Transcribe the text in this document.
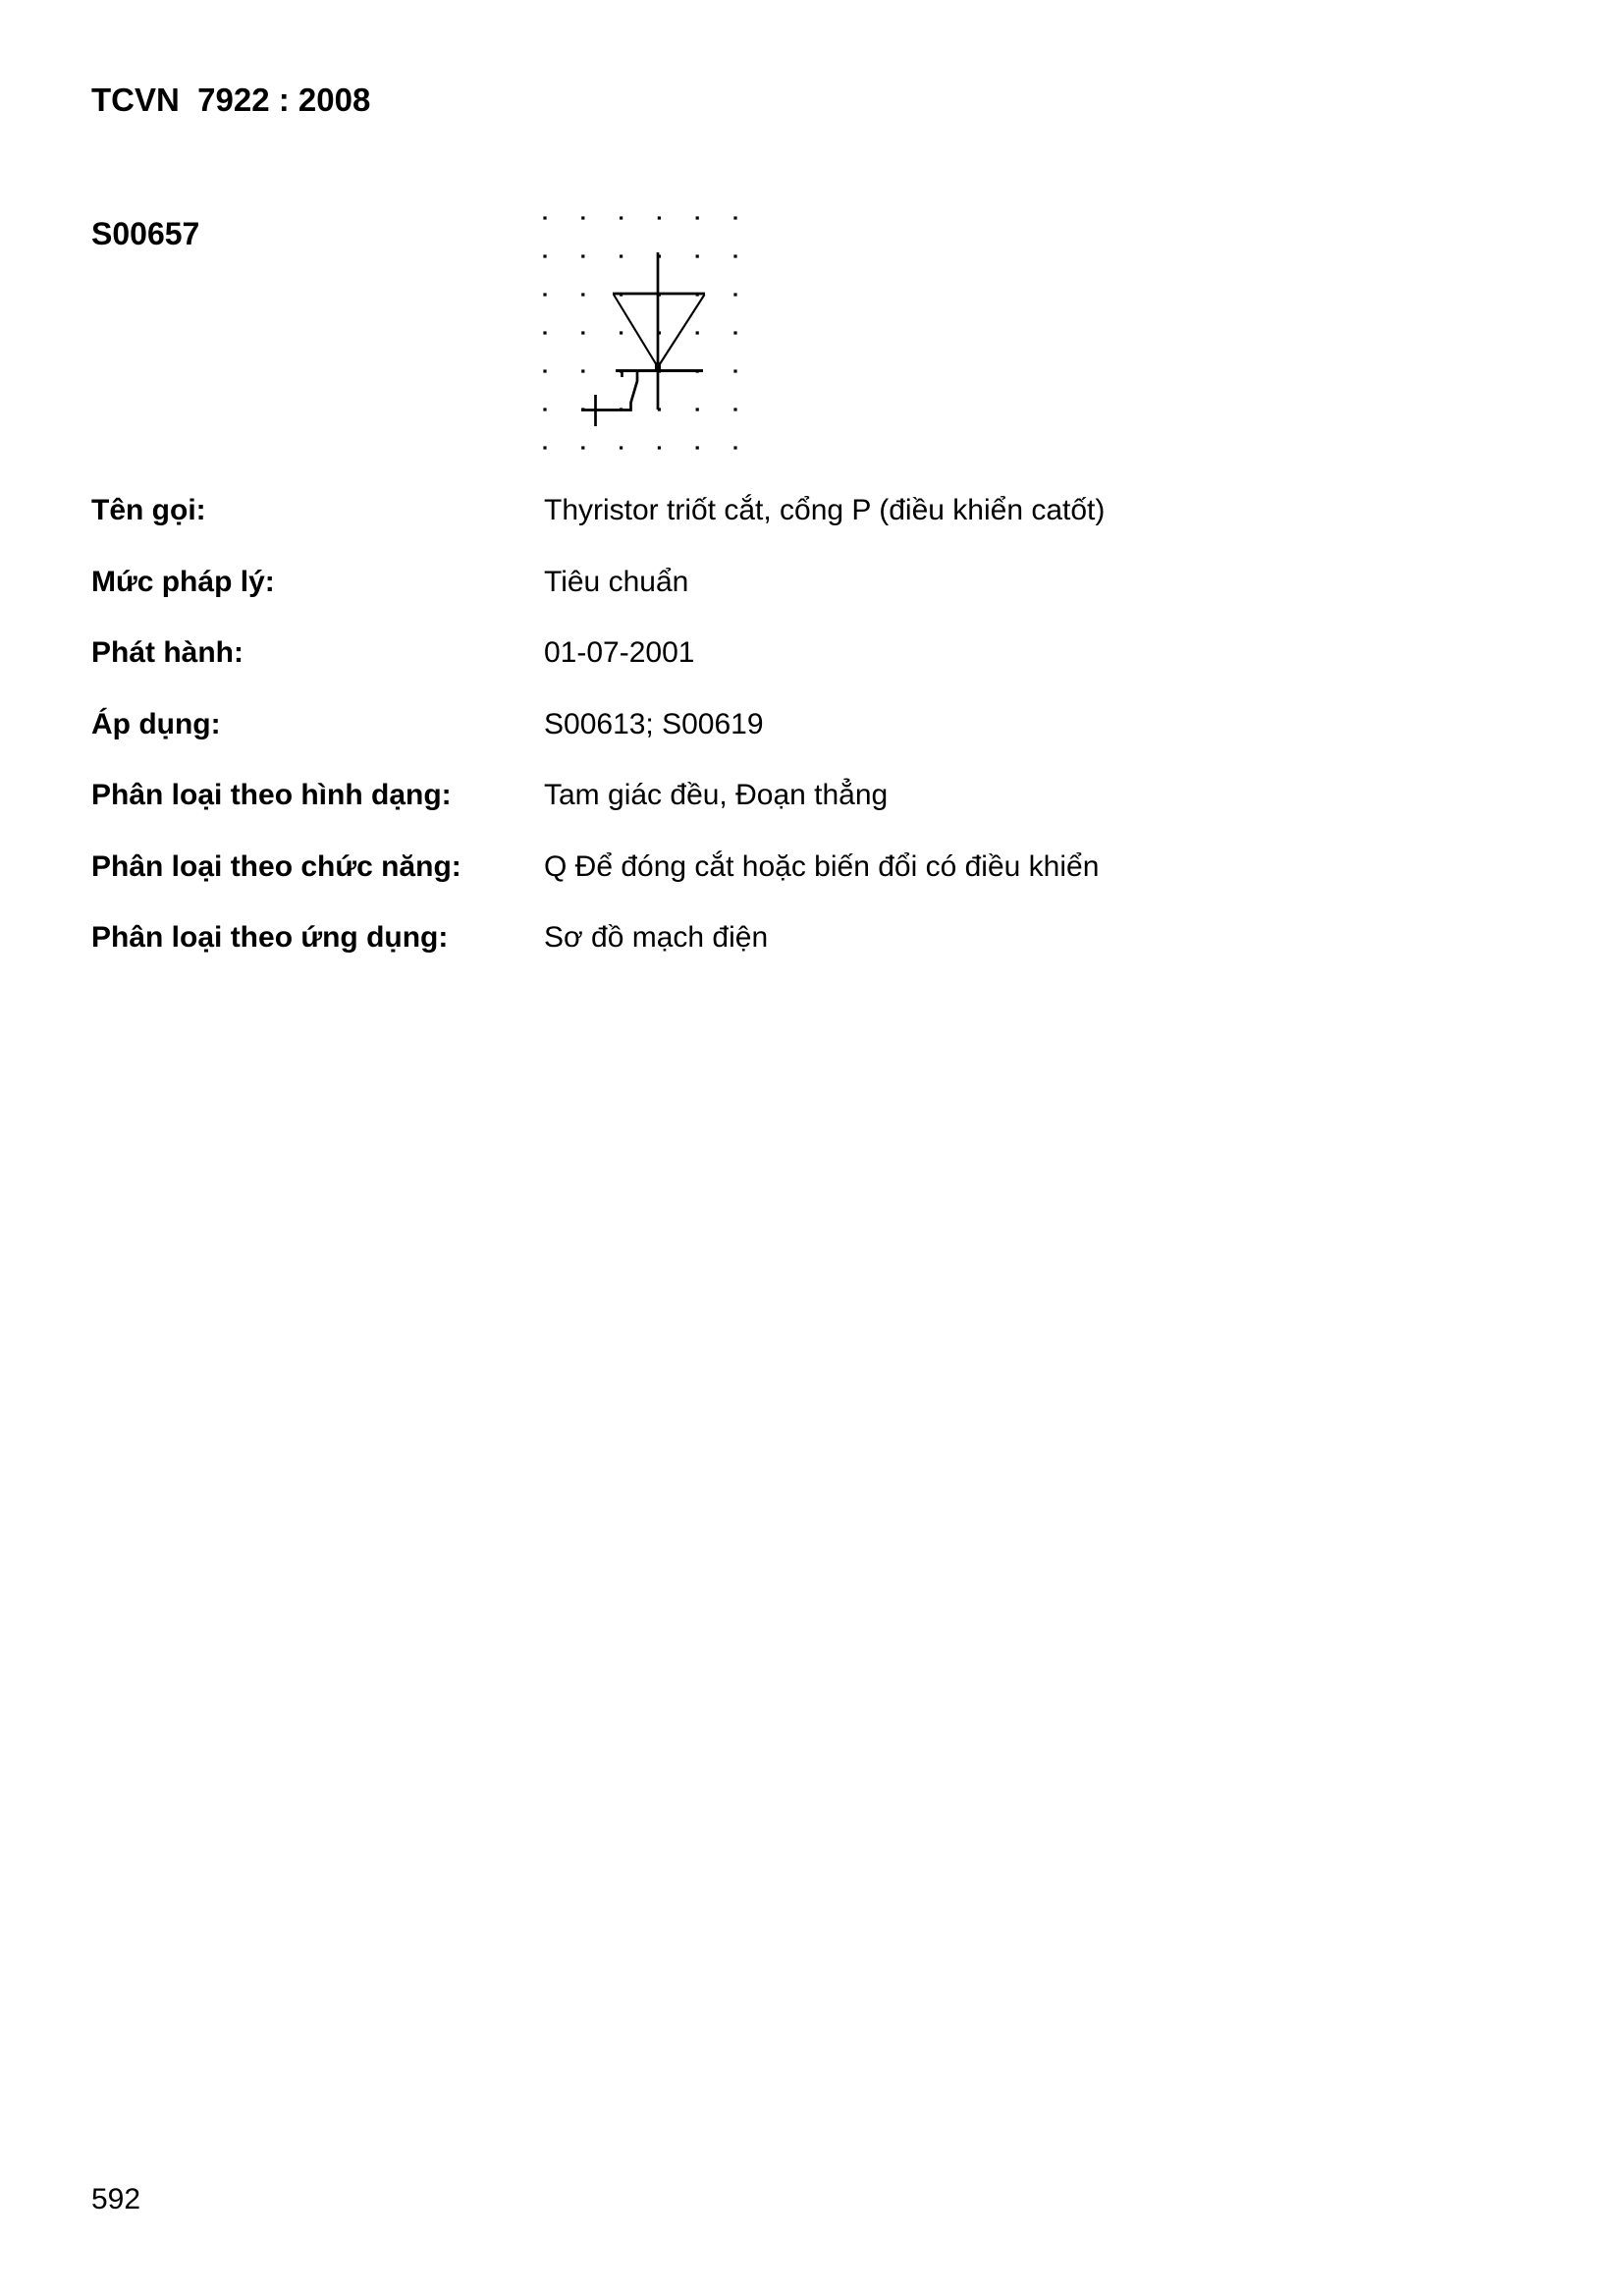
TCVN  7922 : 2008
S00657
Tên gọi:	Thyristor triốt cắt, cổng P (điều khiển catốt)
Mức pháp lý:	Tiêu chuẩn
Phát hành:	01-07-2001
Áp dụng:	S00613; S00619
Phân loại theo hình dạng:	Tam giác đều, Đoạn thẳng
Phân loại theo chức năng:	Q Để đóng cắt hoặc biến đổi có điều khiển
Phân loại theo ứng dụng:	Sơ đồ mạch điện
592
